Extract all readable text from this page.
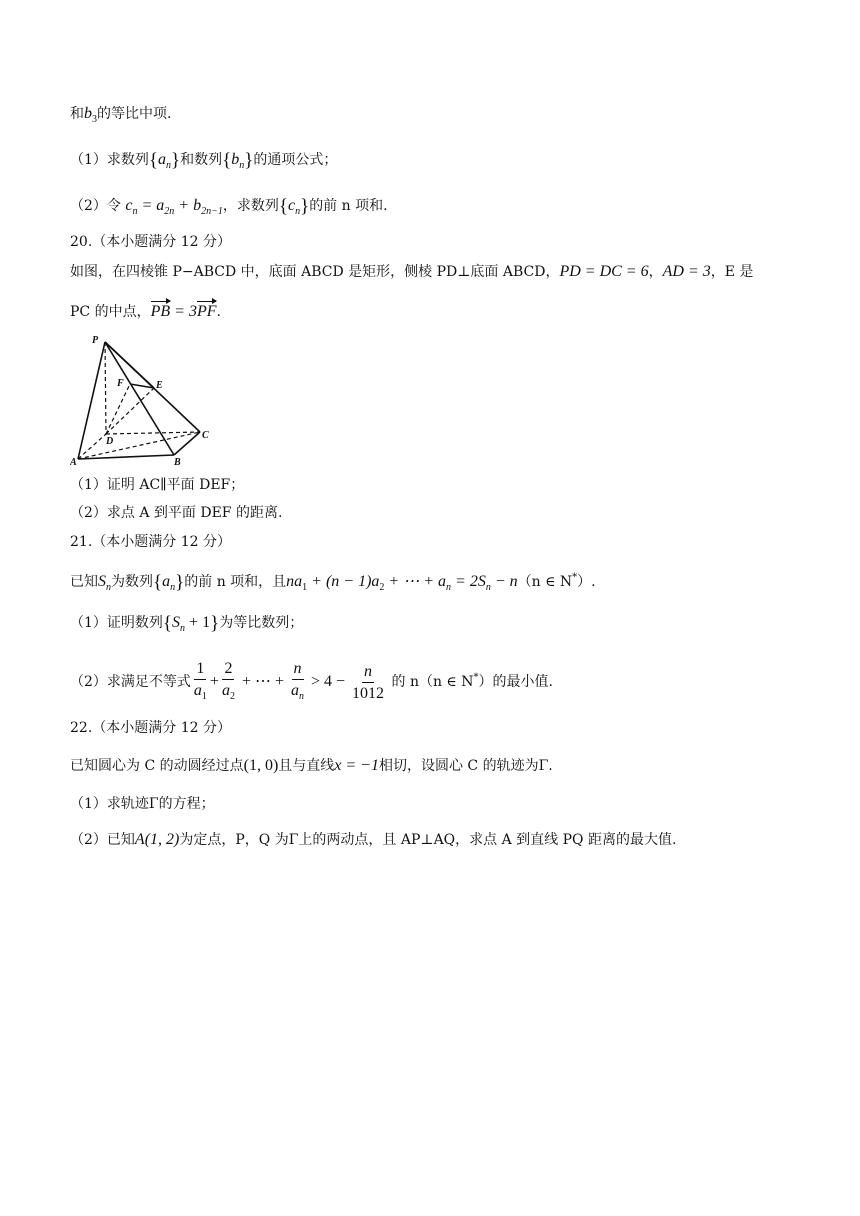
和$b_3$的等比中项.
（1）求数列$\{a_n\}$和数列$\{b_n\}$的通项公式；
（2）令 $c_n = a_{2n} + b_{2n-1}$，求数列$\{c_n\}$的前 n 项和.
20.（本小题满分 12 分）
如图，在四棱锥 P−ABCD 中，底面 ABCD 是矩形，侧棱 PD⊥底面 ABCD，PD = DC = 6，AD = 3，E 是
PC 的中点，PB = 3PF.
P
F	E
D
C
A	B
（1）证明 AC∥平面 DEF；
（2）求点 A 到平面 DEF 的距离.
21.（本小题满分 12 分）
已知$S_n$为数列$\{a_n\}$的前 n 项和，且$na_1 + (n - 1)a_2$ + ⋯ + $a_n = 2S_n - n(n$ ∈ N*）.
（1）证明数列$\{S_n + 1\}$为等比数列；
（2）求满足不等式 $\frac{1}{a_1} + \frac{2}{a_2}$ + ⋯ + $\frac{n}{a_n} > 4 - \frac{n}{1012}$ 的 n（n ∈ N*）的最小值.
22.（本小题满分 12 分）
已知圆心为 C 的动圆经过点(1, 0)且与直线x = −1相切，设圆心 C 的轨迹为Γ.
（1）求轨迹Γ的方程；
（2）已知A(1, 2)为定点，P，Q 为Γ上的两动点，且 AP⊥AQ，求点 A 到直线 PQ 距离的最大值.
